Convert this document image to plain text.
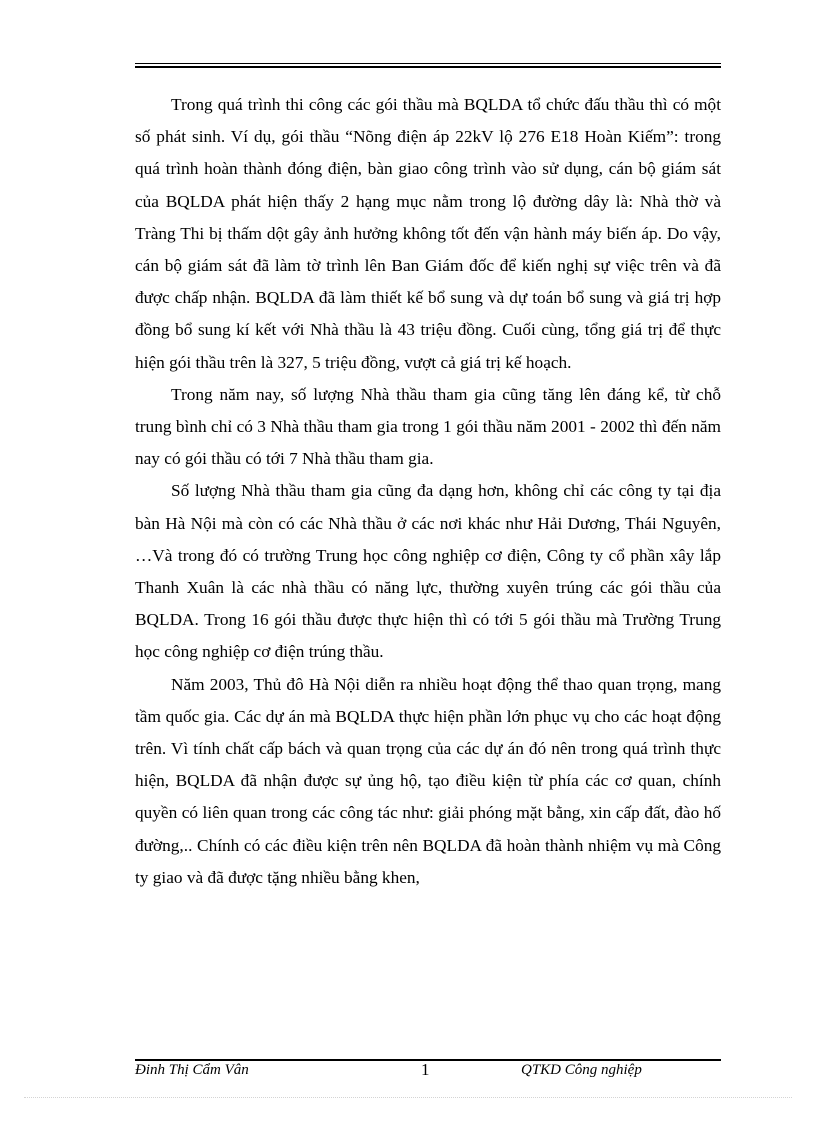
Trong quá trình thi công các gói thầu mà BQLDA tổ chức đấu thầu thì có một số phát sinh. Ví dụ, gói thầu “Nõng điện áp 22kV lộ 276 E18 Hoàn Kiếm”: trong quá trình hoàn thành đóng điện, bàn giao công trình vào sử dụng, cán bộ giám sát của BQLDA phát hiện thấy 2 hạng mục nằm trong lộ đường dây là: Nhà thờ và Tràng Thi bị thấm dột gây ảnh hưởng không tốt đến vận hành máy biến áp. Do vậy, cán bộ giám sát đã làm tờ trình lên Ban Giám đốc để kiến nghị sự việc trên và đã được chấp nhận. BQLDA đã làm thiết kế bổ sung và dự toán bổ sung và giá trị hợp đồng bổ sung kí kết với Nhà thầu là 43 triệu đồng. Cuối cùng, tổng giá trị để thực hiện gói thầu trên là 327, 5 triệu đồng, vượt cả giá trị kế hoạch.

Trong năm nay, số lượng Nhà thầu tham gia cũng tăng lên đáng kể, từ chỗ trung bình chỉ có 3 Nhà thầu tham gia trong 1 gói thầu năm 2001 - 2002 thì đến năm nay có gói thầu có tới 7 Nhà thầu tham gia.

Số lượng Nhà thầu tham gia cũng đa dạng hơn, không chỉ các công ty tại địa bàn Hà Nội mà còn có các Nhà thầu ở các nơi khác như Hải Dương, Thái Nguyên, …Và trong đó có trường Trung học công nghiệp cơ điện, Công ty cổ phần xây lắp Thanh Xuân là các nhà thầu có năng lực, thường xuyên trúng các gói thầu của BQLDA. Trong 16 gói thầu được thực hiện thì có tới 5 gói thầu mà Trường Trung học công nghiệp cơ điện trúng thầu.

Năm 2003, Thủ đô Hà Nội diễn ra nhiều hoạt động thể thao quan trọng, mang tầm quốc gia. Các dự án mà BQLDA thực hiện phần lớn phục vụ cho các hoạt động trên. Vì tính chất cấp bách và quan trọng của các dự án đó nên trong quá trình thực hiện, BQLDA đã nhận được sự ủng hộ, tạo điều kiện từ phía các cơ quan, chính quyền có liên quan trong các công tác như: giải phóng mặt bằng, xin cấp đất, đào hố đường,.. Chính có các điều kiện trên nên BQLDA đã hoàn thành nhiệm vụ mà Công ty giao và đã được tặng nhiều bằng khen,

Đinh Thị Cẩm Vân	1	QTKD Công nghiệp
